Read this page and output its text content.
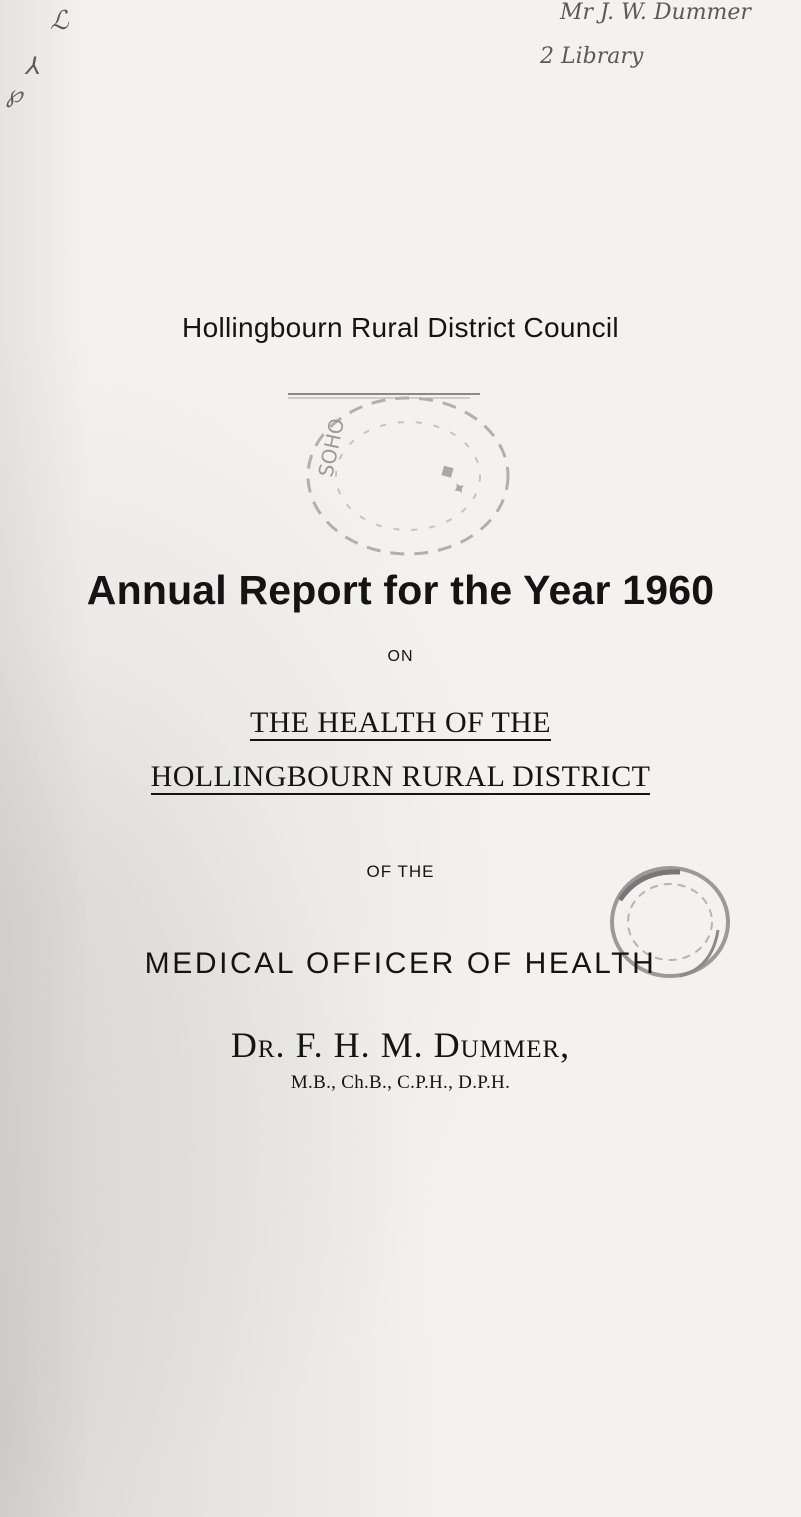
ℒ
⅄
℘
Mr J. W. Dummer
2 Library
Hollingbourn Rural District Council
SOHO
◆ ✦
Annual Report for the Year 1960
ON
THE HEALTH OF THE
HOLLINGBOURN RURAL DISTRICT
OF THE
MEDICAL OFFICER OF HEALTH
Dr. F. H. M. Dummer,
M.B., Ch.B., C.P.H., D.P.H.
